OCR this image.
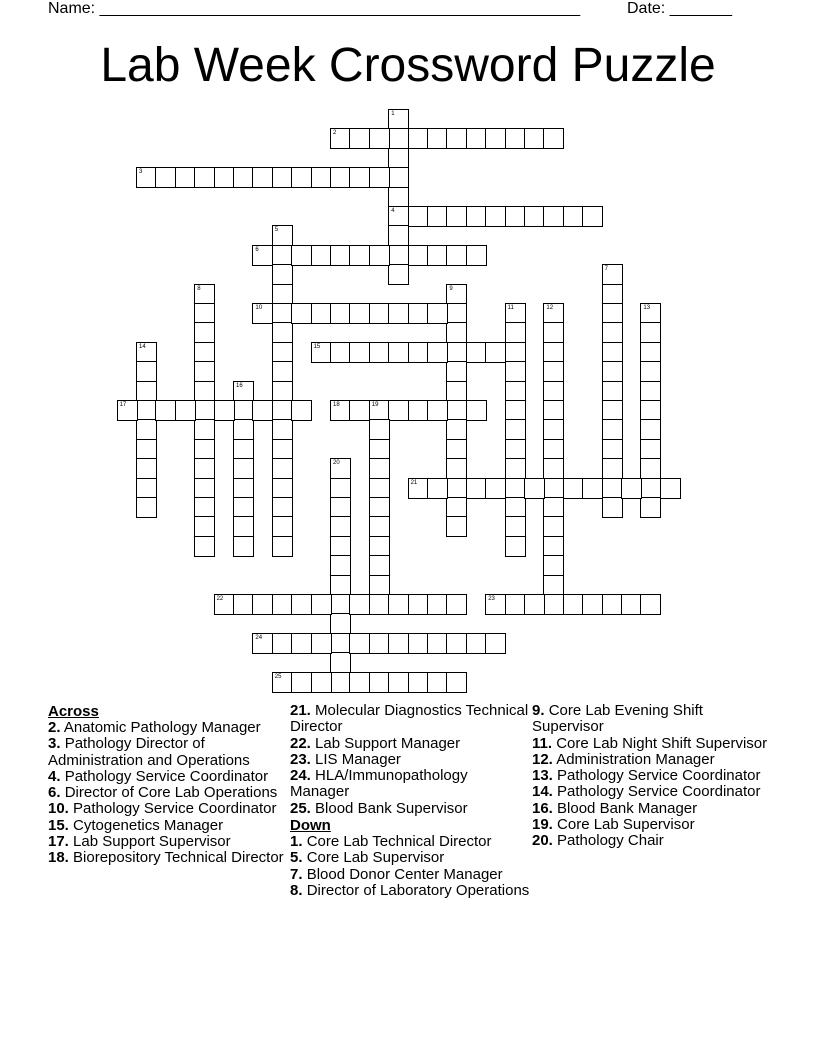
Name: ______________________________________________________	Date: _______
Lab Week Crossword Puzzle
1
4
2
3
5
6
7
8	9
10	11	12	13
14	15
16
17	18	19
20
21
22	23
24
25

Across

2. Anatomic Pathology Manager

3. Pathology Director of Administration and Operations

4. Pathology Service Coordinator

6. Director of Core Lab Operations

10. Pathology Service Coordinator

15. Cytogenetics Manager

17. Lab Support Supervisor

18. Biorepository Technical Director

21. Molecular Diagnostics Technical Director

22. Lab Support Manager

23. LIS Manager

24. HLA/Immunopathology Manager

25. Blood Bank Supervisor

Down

1. Core Lab Technical Director

5. Core Lab Supervisor

7. Blood Donor Center Manager

8. Director of Laboratory Operations

9. Core Lab Evening Shift Supervisor

11. Core Lab Night Shift Supervisor

12. Administration Manager

13. Pathology Service Coordinator

14. Pathology Service Coordinator

16. Blood Bank Manager

19. Core Lab Supervisor

20. Pathology Chair
